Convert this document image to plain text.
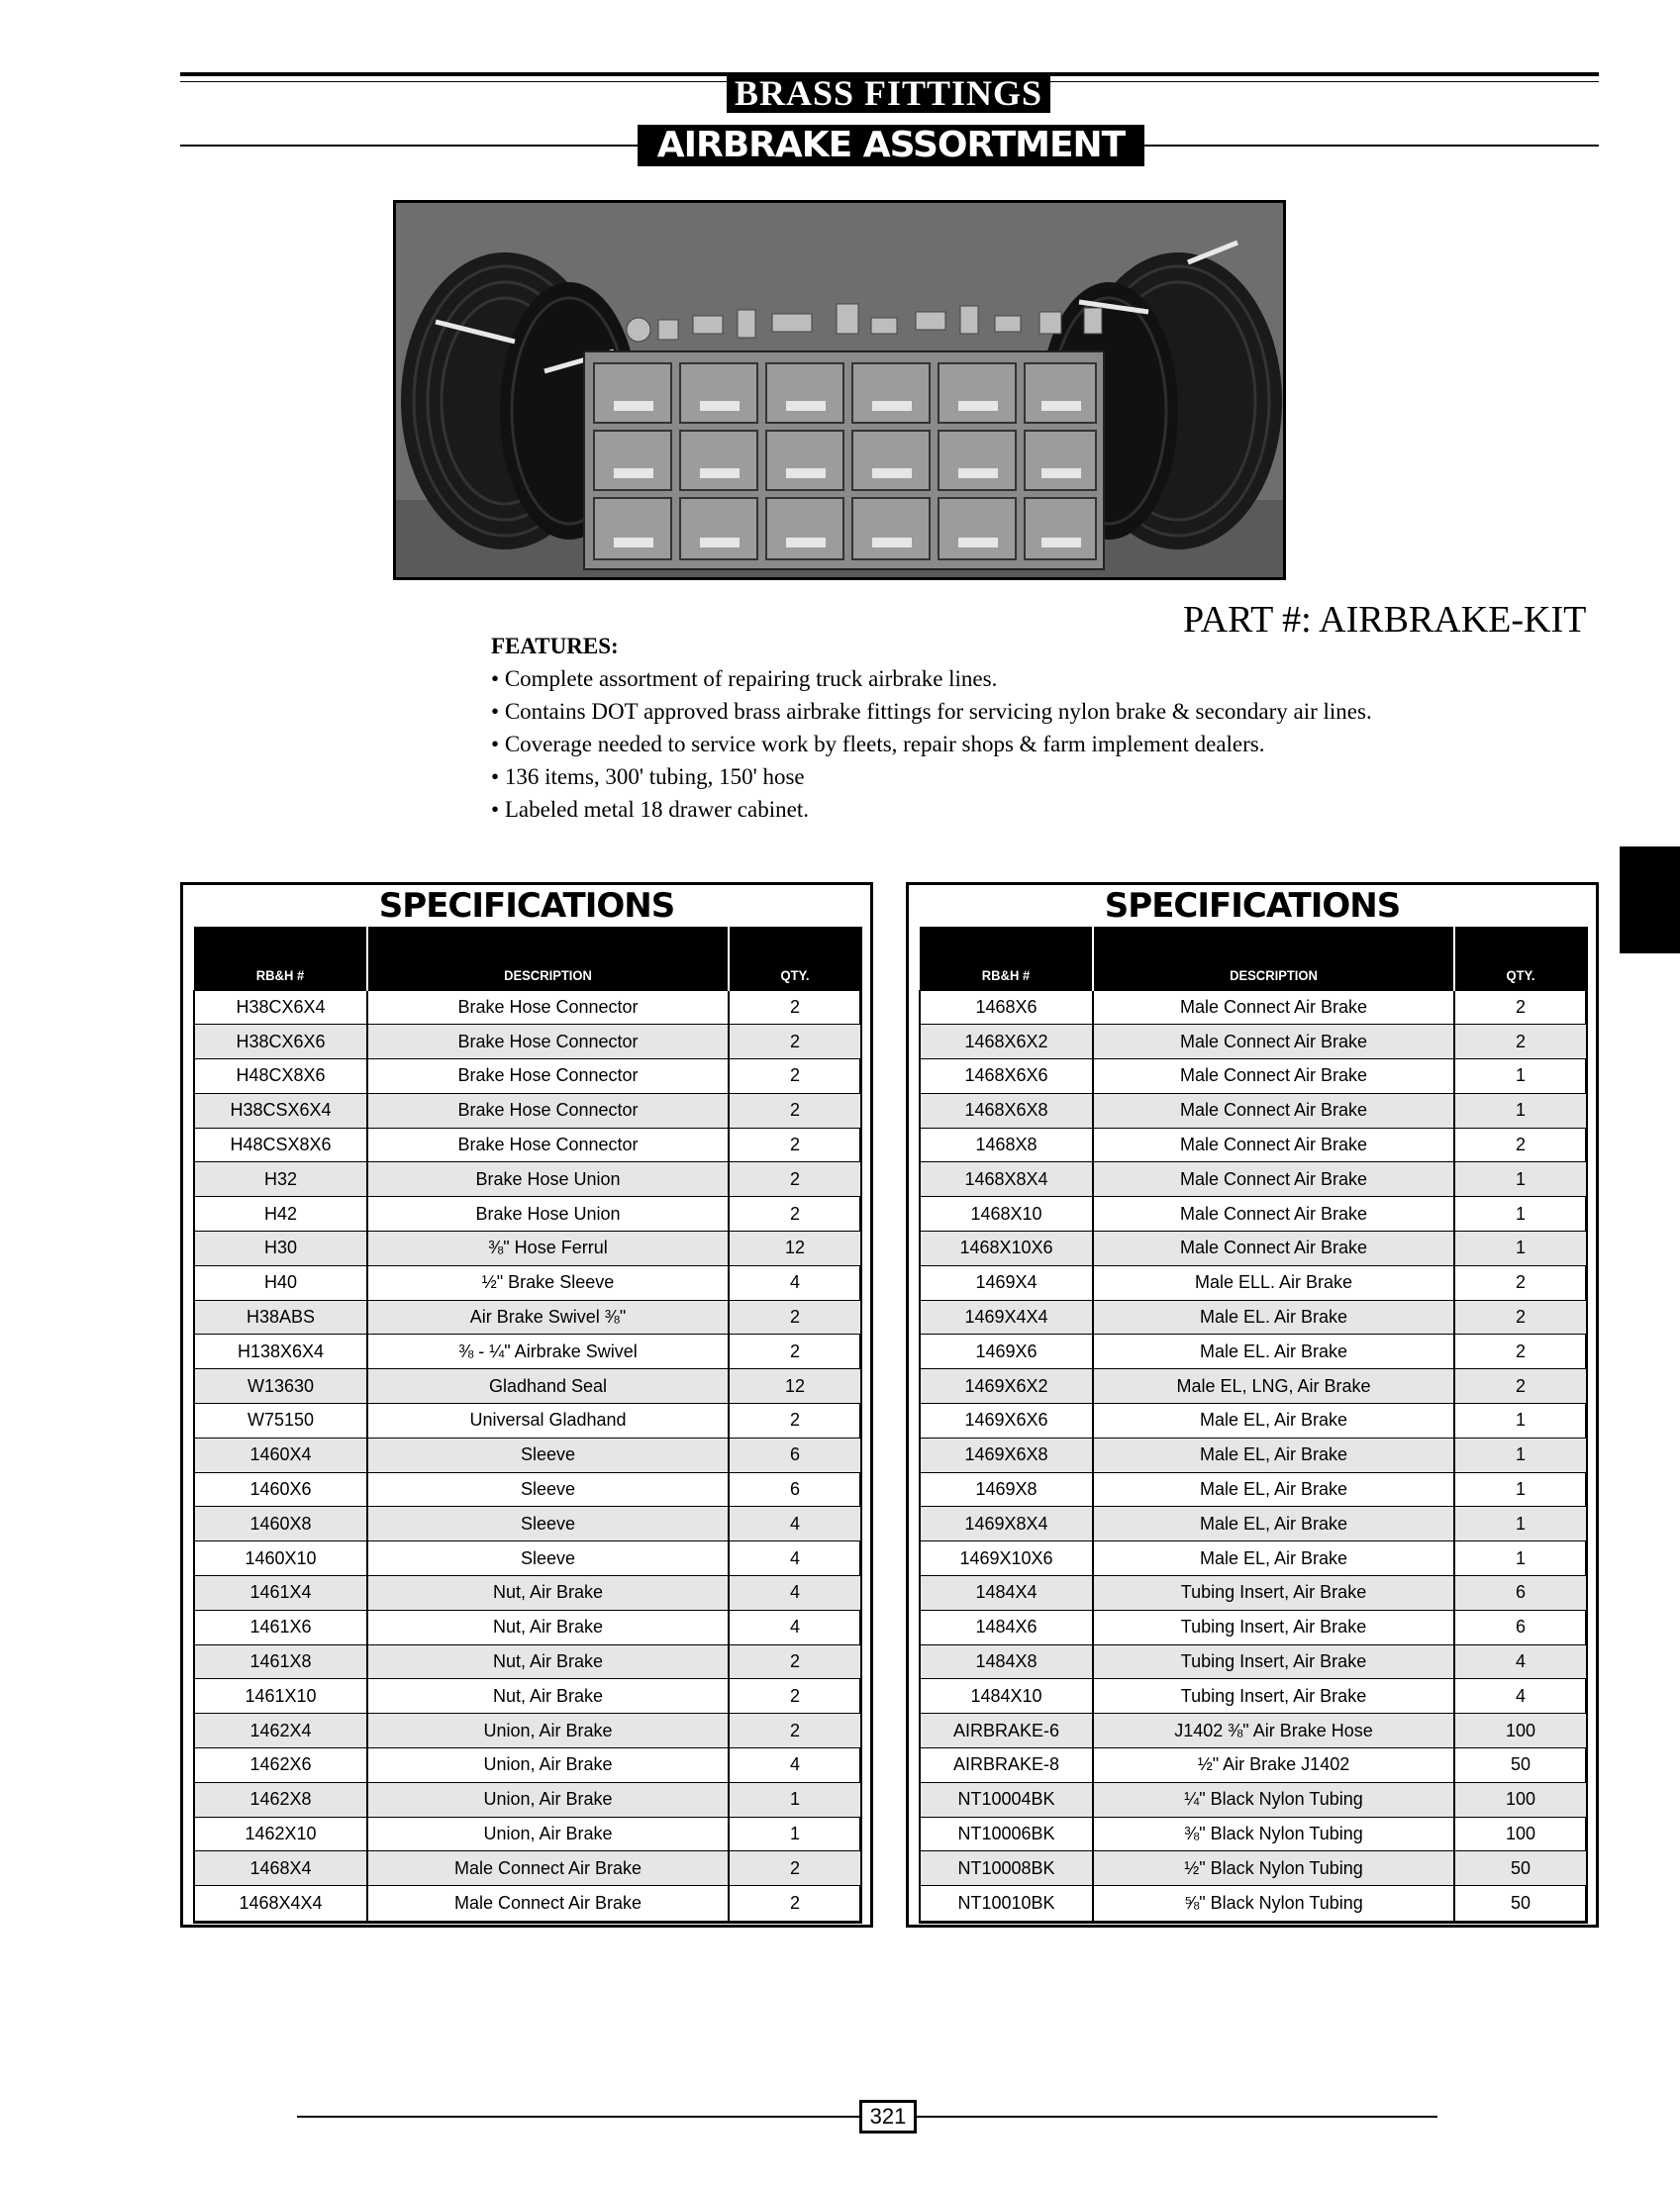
BRASS FITTINGS
AIRBRAKE ASSORTMENT
PART #: AIRBRAKE-KIT
FEATURES:
• Complete assortment of repairing truck airbrake lines.
• Contains DOT approved brass airbrake fittings for servicing nylon brake & secondary air lines.
• Coverage needed to service work by fleets, repair shops & farm implement dealers.
• 136 items, 300' tubing, 150' hose
• Labeled metal 18 drawer cabinet.
SPECIFICATIONS
RB&H #	DESCRIPTION	QTY.
H38CX6X4	Brake Hose Connector	2
H38CX6X6	Brake Hose Connector	2
H48CX8X6	Brake Hose Connector	2
H38CSX6X4	Brake Hose Connector	2
H48CSX8X6	Brake Hose Connector	2
H32	Brake Hose Union	2
H42	Brake Hose Union	2
H30	⅜" Hose Ferrul	12
H40	½" Brake Sleeve	4
H38ABS	Air Brake Swivel ⅜"	2
H138X6X4	⅜ - ¼" Airbrake Swivel	2
W13630	Gladhand Seal	12
W75150	Universal Gladhand	2
1460X4	Sleeve	6
1460X6	Sleeve	6
1460X8	Sleeve	4
1460X10	Sleeve	4
1461X4	Nut, Air Brake	4
1461X6	Nut, Air Brake	4
1461X8	Nut, Air Brake	2
1461X10	Nut, Air Brake	2
1462X4	Union, Air Brake	2
1462X6	Union, Air Brake	4
1462X8	Union, Air Brake	1
1462X10	Union, Air Brake	1
1468X4	Male Connect Air Brake	2
1468X4X4	Male Connect Air Brake	2
SPECIFICATIONS
RB&H #	DESCRIPTION	QTY.
1468X6	Male Connect Air Brake	2
1468X6X2	Male Connect Air Brake	2
1468X6X6	Male Connect Air Brake	1
1468X6X8	Male Connect Air Brake	1
1468X8	Male Connect Air Brake	2
1468X8X4	Male Connect Air Brake	1
1468X10	Male Connect Air Brake	1
1468X10X6	Male Connect Air Brake	1
1469X4	Male ELL. Air Brake	2
1469X4X4	Male EL. Air Brake	2
1469X6	Male EL. Air Brake	2
1469X6X2	Male EL, LNG, Air Brake	2
1469X6X6	Male EL, Air Brake	1
1469X6X8	Male EL, Air Brake	1
1469X8	Male EL, Air Brake	1
1469X8X4	Male EL, Air Brake	1
1469X10X6	Male EL, Air Brake	1
1484X4	Tubing Insert, Air Brake	6
1484X6	Tubing Insert, Air Brake	6
1484X8	Tubing Insert, Air Brake	4
1484X10	Tubing Insert, Air Brake	4
AIRBRAKE-6	J1402 ⅜" Air Brake Hose	100
AIRBRAKE-8	½" Air Brake J1402	50
NT10004BK	¼" Black Nylon Tubing	100
NT10006BK	⅜" Black Nylon Tubing	100
NT10008BK	½" Black Nylon Tubing	50
NT10010BK	⅝" Black Nylon Tubing	50
321
